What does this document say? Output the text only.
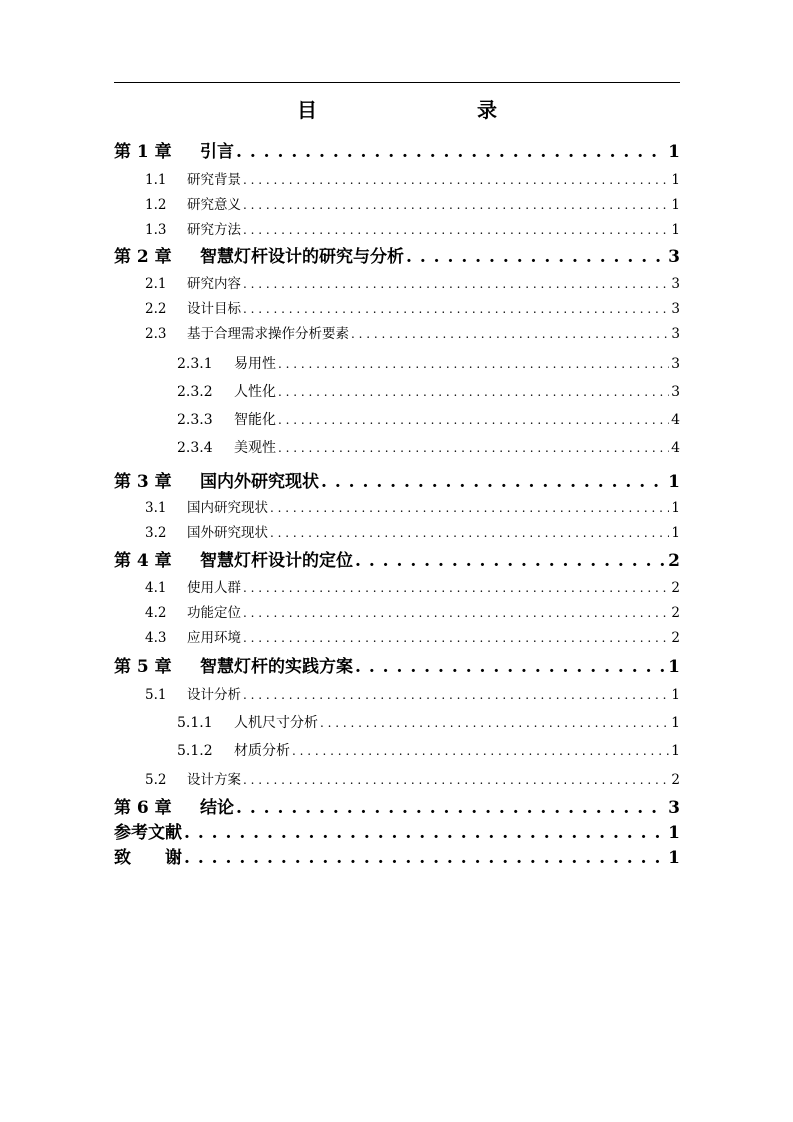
目　　录
第 1 章	引言 . . .	1
1.1	研究背景 . . .	1
1.2	研究意义 . . .	1
1.3	研究方法 . . .	1
第 2 章	智慧灯杆设计的研究与分析 . . .	3
2.1	研究内容 . . .	3
2.2	设计目标 . . .	3
2.3	基于合理需求操作分析要素 . . .	3
2.3.1	易用性 . . .	3
2.3.2	人性化 . . .	3
2.3.3	智能化 . . .	4
2.3.4	美观性 . . .	4
第 3 章	国内外研究现状 . . .	1
3.1	国内研究现状 . . .	1
3.2	国外研究现状 . . .	1
第 4 章	智慧灯杆设计的定位 . . .	2
4.1	使用人群 . . .	2
4.2	功能定位 . . .	2
4.3	应用环境 . . .	2
第 5 章	智慧灯杆的实践方案 . . .	1
5.1	设计分析 . . .	1
5.1.1	人机尺寸分析 . . .	1
5.1.2	材质分析 . . .	1
5.2	设计方案 . . .	2
第 6 章	结论 . . .	3
参考文献 . . .	1
致　　谢 . . .	1
